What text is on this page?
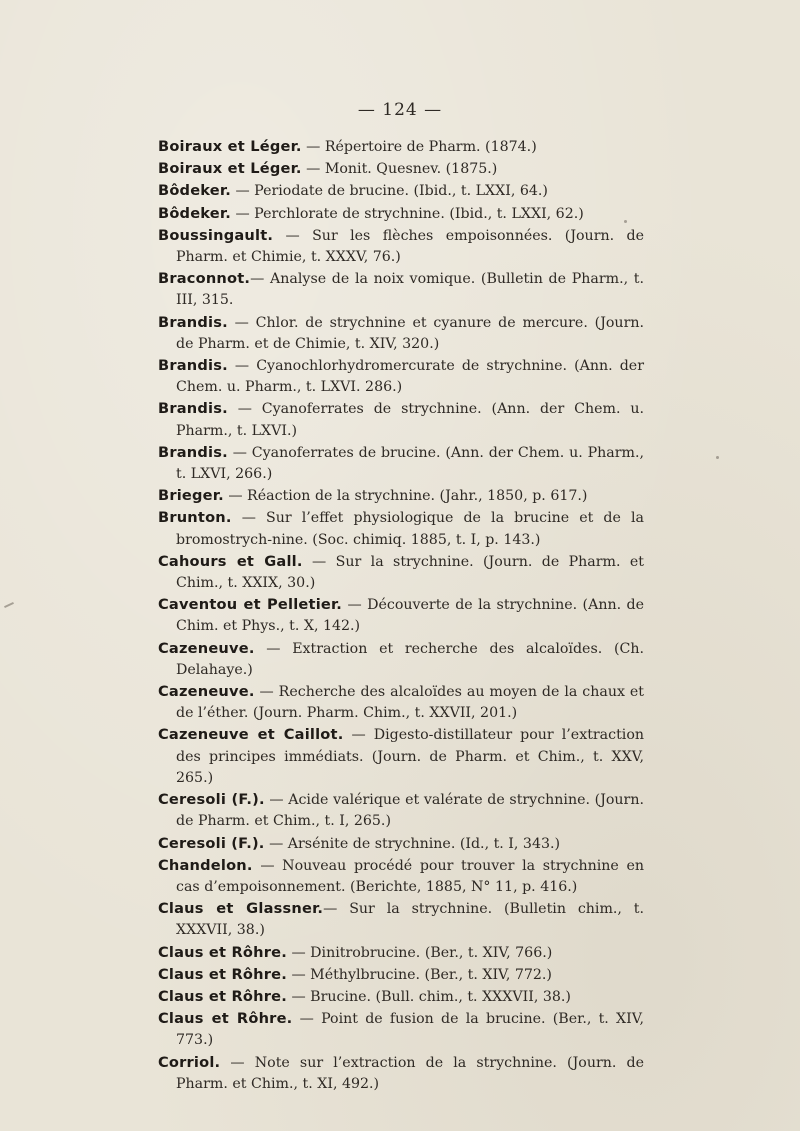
— 124 —
Boiraux et Léger. — Répertoire de Pharm. (1874.)
Boiraux et Léger. — Monit. Quesnev. (1875.)
Bôdeker. — Periodate de brucine. (Ibid., t. LXXI, 64.)
Bôdeker. — Perchlorate de strychnine. (Ibid., t. LXXI, 62.)
Boussingault. — Sur les flèches empoisonnées. (Journ. de Pharm. et Chimie, t. XXXV, 76.)
Braconnot.— Analyse de la noix vomique. (Bulletin de Pharm., t. III, 315.
Brandis. — Chlor. de strychnine et cyanure de mercure. (Journ. de Pharm. et de Chimie, t. XIV, 320.)
Brandis. — Cyanochlorhydromercurate de strychnine. (Ann. der Chem. u. Pharm., t. LXVI. 286.)
Brandis. — Cyanoferrates de strychnine. (Ann. der Chem. u. Pharm., t. LXVI.)
Brandis. — Cyanoferrates de brucine. (Ann. der Chem. u. Pharm., t. LXVI, 266.)
Brieger. — Réaction de la strychnine. (Jahr., 1850, p. 617.)
Brunton. — Sur l’effet physiologique de la brucine et de la bromostrych-nine. (Soc. chimiq. 1885, t. I, p. 143.)
Cahours et Gall. — Sur la strychnine. (Journ. de Pharm. et Chim., t. XXIX, 30.)
Caventou et Pelletier. — Découverte de la strychnine. (Ann. de Chim. et Phys., t. X, 142.)
Cazeneuve. — Extraction et recherche des alcaloïdes. (Ch. Delahaye.)
Cazeneuve. — Recherche des alcaloïdes au moyen de la chaux et de l’éther. (Journ. Pharm. Chim., t. XXVII, 201.)
Cazeneuve et Caillot. — Digesto-distillateur pour l’extraction des principes immédiats. (Journ. de Pharm. et Chim., t. XXV, 265.)
Ceresoli (F.). — Acide valérique et valérate de strychnine. (Journ. de Pharm. et Chim., t. I, 265.)
Ceresoli (F.). — Arsénite de strychnine. (Id., t. I, 343.)
Chandelon. — Nouveau procédé pour trouver la strychnine en cas d’empoisonnement. (Berichte, 1885, N° 11, p. 416.)
Claus et Glassner.— Sur la strychnine. (Bulletin chim., t. XXXVII, 38.)
Claus et Rôhre. — Dinitrobrucine. (Ber., t. XIV, 766.)
Claus et Rôhre. — Méthylbrucine. (Ber., t. XIV, 772.)
Claus et Rôhre. — Brucine. (Bull. chim., t. XXXVII, 38.)
Claus et Rôhre. — Point de fusion de la brucine. (Ber., t. XIV, 773.)
Corriol. — Note sur l’extraction de la strychnine. (Journ. de Pharm. et Chim., t. XI, 492.)
